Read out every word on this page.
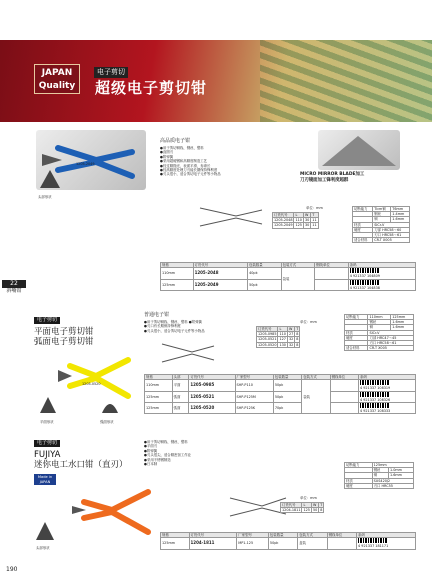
JAPAN
Quality
电子剪切
超级电子剪切钳
1205-2049
头部形状
高品质电子钳
●用于剪切铜线、钢丝、塑料
●直圆刃
●附弹簧
●采用超硬钢和高精度制造工艺
●经过精抛光，表面平滑，寿命长
●经高精度处理刀刃能长期保持锋利度
●刃头很小，适合剪切电子元件等小物品	MICRO MIRROR BLADE加工
刀刃镜面加工锋利度超群
单位：mm
订货代号	L	W	T
1205-2048	110	30	11
1205-2049	125	30	11
切断能力	Ticm铜	T6mm
	钢丝	1.4mm
	铜	1.6mm
材质	SICr-V	
硬度	刀部 HRC58～60	
	刃口 HRC58～61	
适合材料	CR-T X005	
规格	订货代号	包装数量	包装方式	钢线单位	条码
110mm	1205-2048	40pk	袋装		4 921337 104809
125mm	1205-2049	50pk			4 921337 104838
22
斜嘴钳
电子剪切
平面电子剪切钳
弧面电子剪切钳
1205-0520
平面形状	弧面形状
普通电子钳
●用于剪切铜线、钢丝、塑料 ●附弹簧
●刃口有长期保持锋利度
●刃头很小，适合剪切电子元件等小物品
单位：mm
订货代号	L	W	T
1205-0985	110	27	8
1205-0521	127	32	8
1205-0520	130	32	8
切断能力	110mm	125mm
	钢丝	1.6mm
	铜	1.6mm
材质	SICr-V	
硬度	刀部 HRC47～45	
	刃口 HRC58～61	
适合材料	CR-T X005	
规格	头部	订货代号	厂家型号	包装数量	包装方式	钢线单位	条码
110mm	平面	1205-0985	SHP-P110	50pk	袋装		4 921337 108319
125mm	弧面	1205-0521	SHP-P125M	50pk			4 921337 108326
125mm	弧面	1205-0520	SHP-P125K	70pk			4 921337 108333
电子剪切
FUJIYA
迷你电工水口钳（直刃）
Made in
JAPAN
头部形状
●用于剪切铜线、钢丝、塑料
●平面刃
●附弹簧
●刃头很尖，适合精密加工作业
●采用不锈钢制造
●日本制
单位：mm
订货代号	L	W	T
1204-1811	125	50	8
切断能力	125mm	
	钢丝	1.0mm
	铜	1.6mm
材质	SUS420J2	
硬度	刃口 HRC55	
规格	订货代号	厂家型号	包装数量	包装方式	钢线单位	条码
125mm	1204-1811	MP1-125	50pk	盒装		4 921337 181171
190
